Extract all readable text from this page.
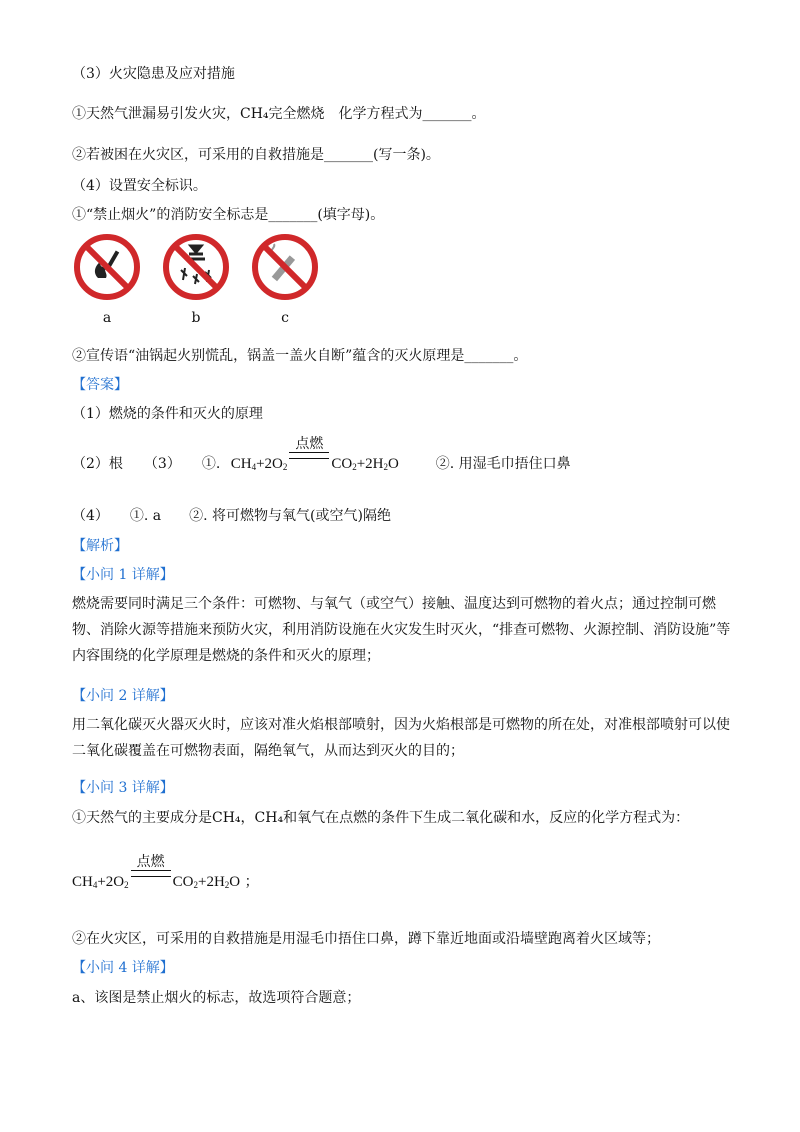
（3）火灾隐患及应对措施
①天然气泄漏易引发火灾，CH₄完全燃烧　化学方程式为_______。
②若被困在火灾区，可采用的自救措施是_______(写一条)。
（4）设置安全标识。
①“禁止烟火”的消防安全标志是_______(填字母)。
a	b	c
②宣传语“油锅起火别慌乱，锅盖一盖火自断”蕴含的灭火原理是_______。
【答案】
（1）燃烧的条件和灭火的原理
（2）根　　（3）　　①. $CH_4+2O_2$
点燃
$CO_2+2H_2O$	②. 用湿毛巾捂住口鼻
（4）　　①. a　　②. 将可燃物与氧气(或空气)隔绝
【解析】
【小问 1 详解】
燃烧需要同时满足三个条件：可燃物、与氧气（或空气）接触、温度达到可燃物的着火点；通过控制可燃物、消除火源等措施来预防火灾，利用消防设施在火灾发生时灭火，“排查可燃物、火源控制、消防设施”等内容围绕的化学原理是燃烧的条件和灭火的原理；
【小问 2 详解】
用二氧化碳灭火器灭火时，应该对准火焰根部喷射，因为火焰根部是可燃物的所在处，对准根部喷射可以使二氧化碳覆盖在可燃物表面，隔绝氧气，从而达到灭火的目的；
【小问 3 详解】
①天然气的主要成分是CH₄，CH₄和氧气在点燃的条件下生成二氧化碳和水，反应的化学方程式为：
$CH_4+2O_2$
点燃
$CO_2+2H_2O$ ；
②在火灾区，可采用的自救措施是用湿毛巾捂住口鼻，蹲下靠近地面或沿墙壁跑离着火区域等；
【小问 4 详解】
a、该图是禁止烟火的标志，故选项符合题意；
